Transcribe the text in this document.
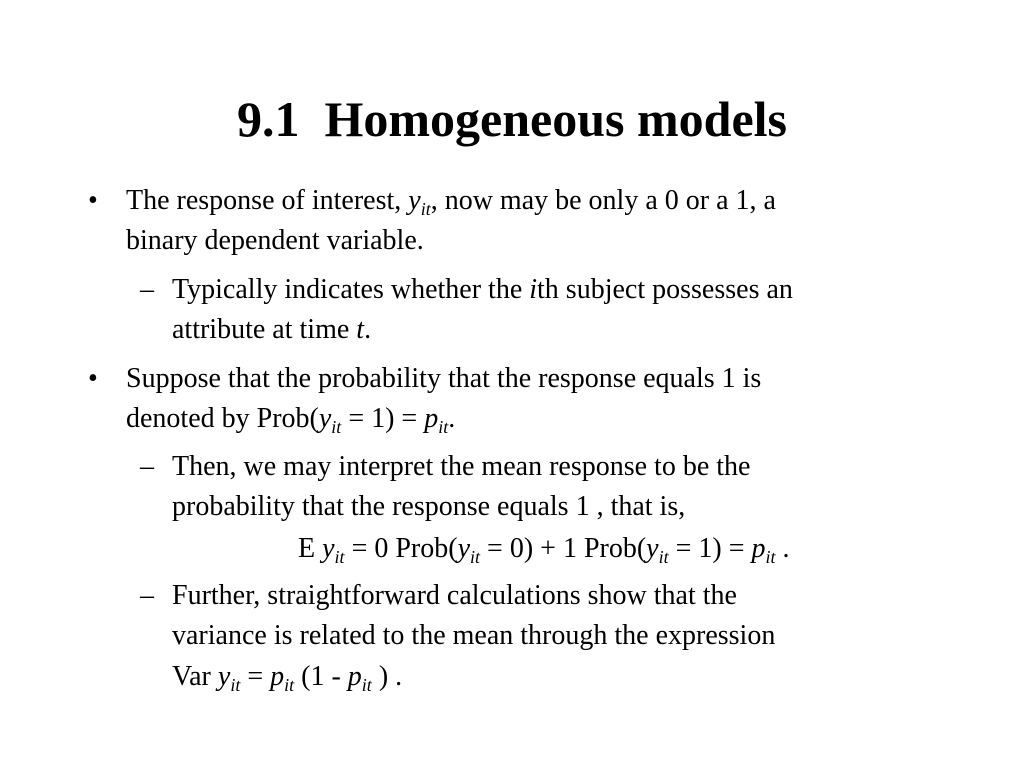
9.1  Homogeneous models
• The response of interest, $y_{it}$, now may be only a 0 or a 1, a
binary dependent variable.
– Typically indicates whether the ith subject possesses an
attribute at time t.
• Suppose that the probability that the response equals 1 is
denoted by $Prob(y_{it} = 1) = p_{it}$.
– Then, we may interpret the mean response to be the
probability that the response equals 1 , that is,
E $y_{it} = 0$ $Prob(y_{it} = 0) + 1$ $Prob(y_{it} = 1) = p_{it}$ .
– Further, straightforward calculations show that the
variance is related to the mean through the expression
Var $y_{it} = p_{it}$ ($1 - p_{it}$ ) .
